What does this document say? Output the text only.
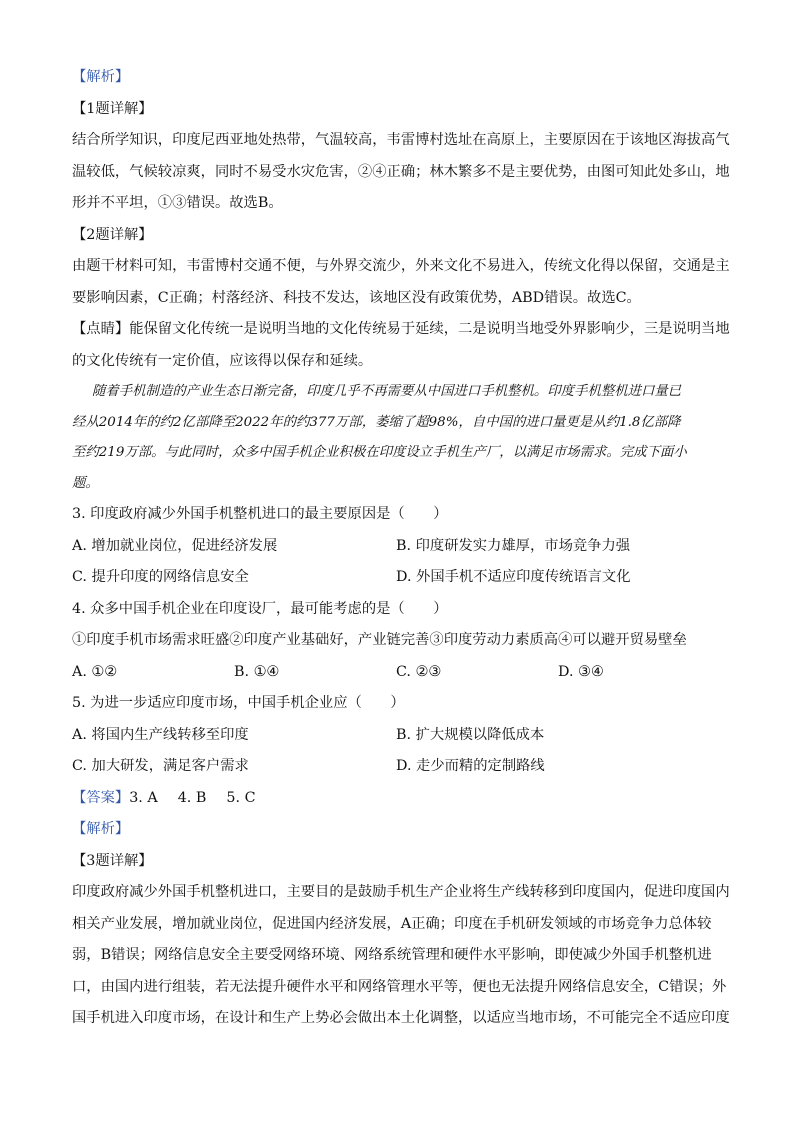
【解析】
【1题详解】
结合所学知识，印度尼西亚地处热带，气温较高，韦雷博村选址在高原上，主要原因在于该地区海拔高气
温较低，气候较凉爽，同时不易受水灾危害，②④正确；林木繁多不是主要优势，由图可知此处多山，地
形并不平坦，①③错误。故选B。
【2题详解】
由题干材料可知，韦雷博村交通不便，与外界交流少，外来文化不易进入，传统文化得以保留，交通是主
要影响因素，C正确；村落经济、科技不发达，该地区没有政策优势，ABD错误。故选C。
【点睛】能保留文化传统一是说明当地的文化传统易于延续，二是说明当地受外界影响少，三是说明当地
的文化传统有一定价值，应该得以保存和延续。
随着手机制造的产业生态日渐完备，印度几乎不再需要从中国进口手机整机。印度手机整机进口量已
经从2014年的约2亿部降至2022年的约377万部，萎缩了超98%，自中国的进口量更是从约1.8亿部降
至约219万部。与此同时，众多中国手机企业积极在印度设立手机生产厂，以满足市场需求。完成下面小
题。
3. 印度政府减少外国手机整机进口的最主要原因是（　　）
A. 增加就业岗位，促进经济发展	B. 印度研发实力雄厚，市场竞争力强
C. 提升印度的网络信息安全	D. 外国手机不适应印度传统语言文化
4. 众多中国手机企业在印度设厂，最可能考虑的是（　　）
①印度手机市场需求旺盛②印度产业基础好，产业链完善③印度劳动力素质高④可以避开贸易壁垒
A. ①②	B. ①④	C. ②③	D. ③④
5. 为进一步适应印度市场，中国手机企业应（　　）
A. 将国内生产线转移至印度	B. 扩大规模以降低成本
C. 加大研发，满足客户需求	D. 走少而精的定制路线
【答案】3. A 4. B 5. C
【解析】
【3题详解】
印度政府减少外国手机整机进口，主要目的是鼓励手机生产企业将生产线转移到印度国内，促进印度国内
相关产业发展，增加就业岗位，促进国内经济发展，A正确；印度在手机研发领域的市场竞争力总体较
弱，B错误；网络信息安全主要受网络环境、网络系统管理和硬件水平影响，即使减少外国手机整机进
口，由国内进行组装，若无法提升硬件水平和网络管理水平等，便也无法提升网络信息安全，C错误；外
国手机进入印度市场，在设计和生产上势必会做出本土化调整，以适应当地市场，不可能完全不适应印度
